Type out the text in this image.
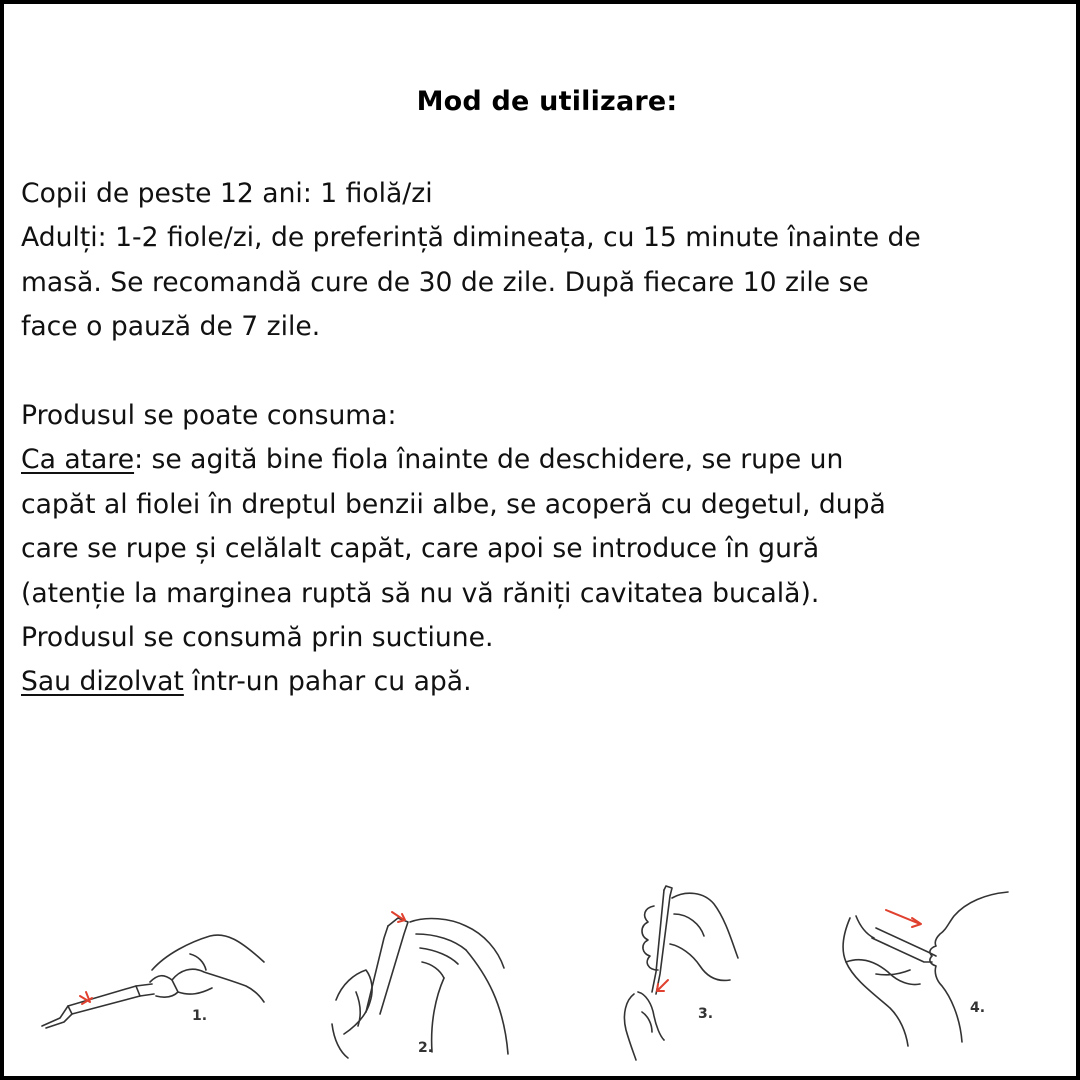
Mod de utilizare:
Copii de peste 12 ani: 1 fiolă/zi
Adulți: 1-2 fiole/zi, de preferință dimineața, cu 15 minute înainte de
masă. Se recomandă cure de 30 de zile. După fiecare 10 zile se
face o pauză de 7 zile.
Produsul se poate consuma:
Ca atare: se agită bine fiola înainte de deschidere, se rupe un
capăt al fiolei în dreptul benzii albe, se acoperă cu degetul, după
care se rupe și celălalt capăt, care apoi se introduce în gură
(atenție la marginea ruptă să nu vă răniți cavitatea bucală).
Produsul se consumă prin suctiune.
Sau dizolvat într-un pahar cu apă.
1.
2.
3.	4.
